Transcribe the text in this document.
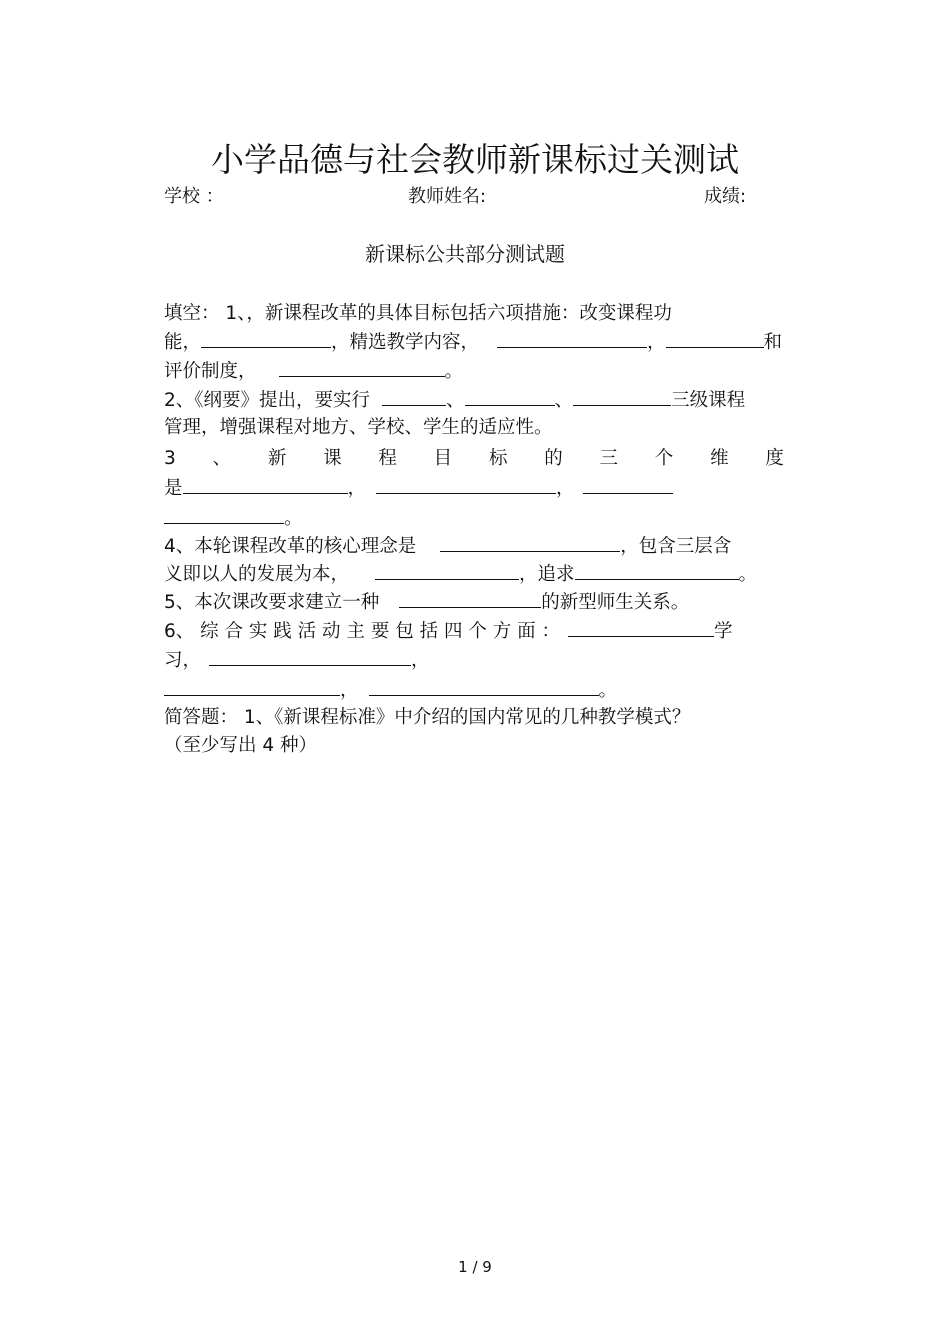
小学品德与社会教师新课标过关测试
学校 ：	教师姓名:	成绩:
新课标公共部分测试题
填空： 1、，新课程改革的具体目标包括六项措施：改变课程功
能，	，精选教学内容，	，	和
评价制度，	。
2、《纲要》提出，要实行	、	、	三级课程
管理，增强课程对地方、学校、学生的适应性。
3 、 新 课 程 目 标 的 三 个 维 度
是	，	，
。
4、本轮课程改革的核心理念是	，包含三层含
义即以人的发展为本，	，追求	。
5、本次课改要求建立一种	的新型师生关系。
6、 综 合 实 践 活 动 主 要 包 括 四 个 方 面 ：	学
习，	，
，	。
简答题： 1、《新课程标准》中介绍的国内常见的几种教学模式？
（至少写出 4 种）
1 / 9
